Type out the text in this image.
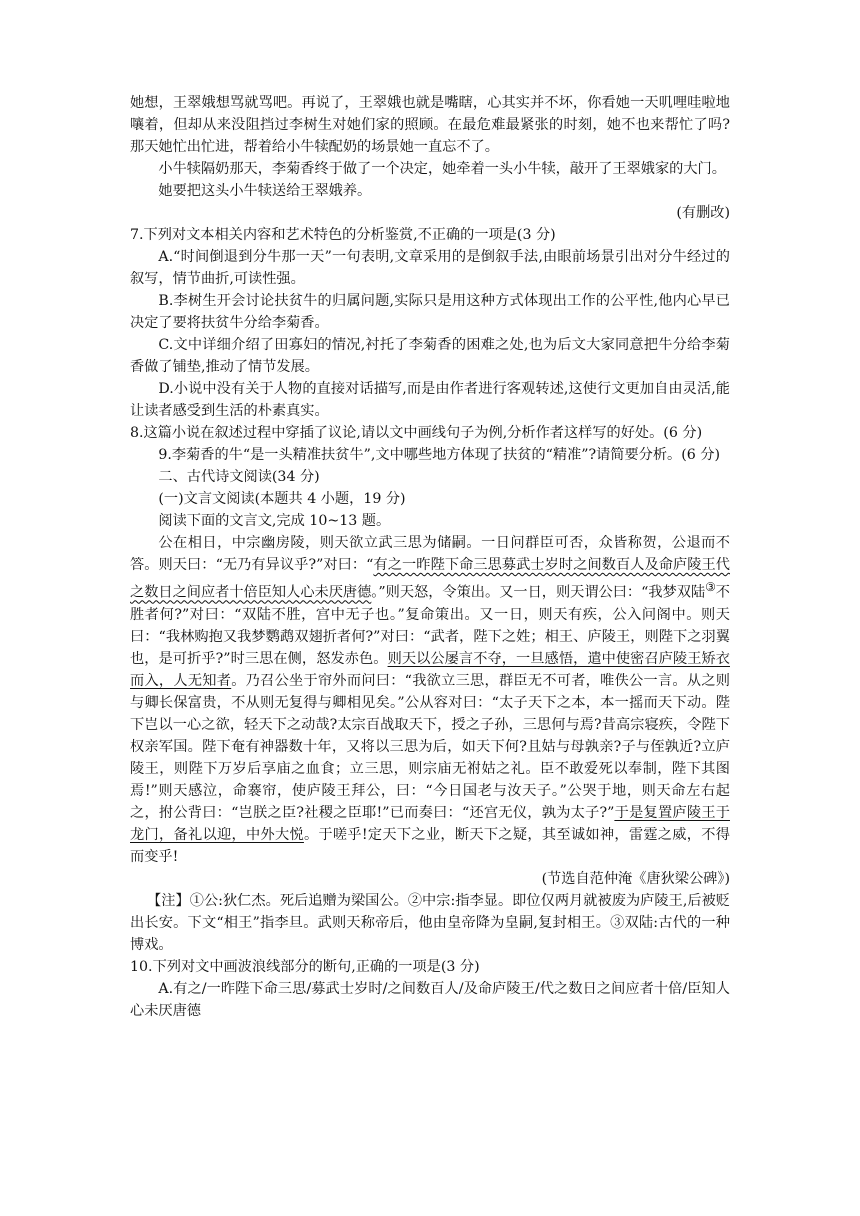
她想，王翠娥想骂就骂吧。再说了，王翠娥也就是嘴瞎，心其实并不坏，你看她一天叽哩哇啦地嚷着，但却从来没阻挡过李树生对她们家的照顾。在最危难最紧张的时刻，她不也来帮忙了吗?那天她忙出忙进，帮着给小牛犊配奶的场景她一直忘不了。

小牛犊隔奶那天，李菊香终于做了一个决定，她牵着一头小牛犊，敲开了王翠娥家的大门。

她要把这头小牛犊送给王翠娥养。

(有删改)

7.下列对文本相关内容和艺术特色的分析鉴赏,不正确的一项是(3 分)

A.“时间倒退到分牛那一天”一句表明,文章采用的是倒叙手法,由眼前场景引出对分牛经过的叙写，情节曲折,可读性强。

B.李树生开会讨论扶贫牛的归属问题,实际只是用这种方式体现出工作的公平性,他内心早已决定了要将扶贫牛分给李菊香。

C.文中详细介绍了田寡妇的情况,衬托了李菊香的困难之处,也为后文大家同意把牛分给李菊香做了铺垫,推动了情节发展。

D.小说中没有关于人物的直接对话描写,而是由作者进行客观转述,这使行文更加自由灵活,能让读者感受到生活的朴素真实。

8.这篇小说在叙述过程中穿插了议论,请以文中画线句子为例,分析作者这样写的好处。(6 分)

9.李菊香的牛“是一头精准扶贫牛”,文中哪些地方体现了扶贫的“精准”?请简要分析。(6 分)

二、古代诗文阅读(34 分)

(一)文言文阅读(本题共 4 小题，19 分)

阅读下面的文言文,完成 10~13 题。

公在相日，中宗幽房陵，则天欲立武三思为储嗣。一日问群臣可否，众皆称贺，公退而不答。则天曰：“无乃有异议乎?”对曰：“有之一昨陛下命三思募武士岁时之间数百人及命庐陵王代之数日之间应者十倍臣知人心未厌唐德。”则天怒，令策出。又一日，则天谓公曰：“我梦双陆③不胜者何?”对曰：“双陆不胜，宫中无子也。”复命策出。又一日，则天有疾，公入问阁中。则天曰：“我林购抱又我梦鹦鹉双翅折者何?”对曰：“武者，陛下之姓；相王、庐陵王，则陛下之羽翼也，是可折乎?”时三思在侧，怒发赤色。则天以公屡言不夺，一旦感悟，遣中使密召庐陵王矫衣而入，人无知者。乃召公坐于帘外而问曰：“我欲立三思，群臣无不可者，唯佚公一言。从之则与卿长保富贵，不从则无复得与卿相见矣。”公从容对曰：“太子天下之本，本一摇而天下动。陛下岂以一心之欲，轻天下之动哉?太宗百战取天下，授之子孙，三思何与焉?昔高宗寝疾，令陛下权亲军国。陛下奄有神器数十年，又将以三思为后，如天下何?且姑与母孰亲?子与侄孰近?立庐陵王，则陛下万岁后享庙之血食；立三思，则宗庙无祔姑之礼。臣不敢爱死以奉制，陛下其图焉!”则天感泣，命褰帘，使庐陵王拜公，曰：“今日国老与汝天子。”公哭于地，则天命左右起之，拊公背曰：“岂朕之臣?社稷之臣耶!”已而奏曰：“还宫无仪，孰为太子?”于是复置庐陵王于龙门，备礼以迎，中外大悦。于嗟乎!定天下之业，断天下之疑，其至诚如神，雷霆之威，不得而变乎!

(节选自范仲淹《唐狄梁公碑》)

【注】①公:狄仁杰。死后追赠为梁国公。②中宗:指李显。即位仅两月就被废为庐陵王,后被贬出长安。下文“相王”指李旦。武则天称帝后，他由皇帝降为皇嗣,复封相王。③双陆:古代的一种博戏。

10.下列对文中画波浪线部分的断句,正确的一项是(3 分)

A.有之/一昨陛下命三思/募武士岁时/之间数百人/及命庐陵王/代之数日之间应者十倍/臣知人心未厌唐德
